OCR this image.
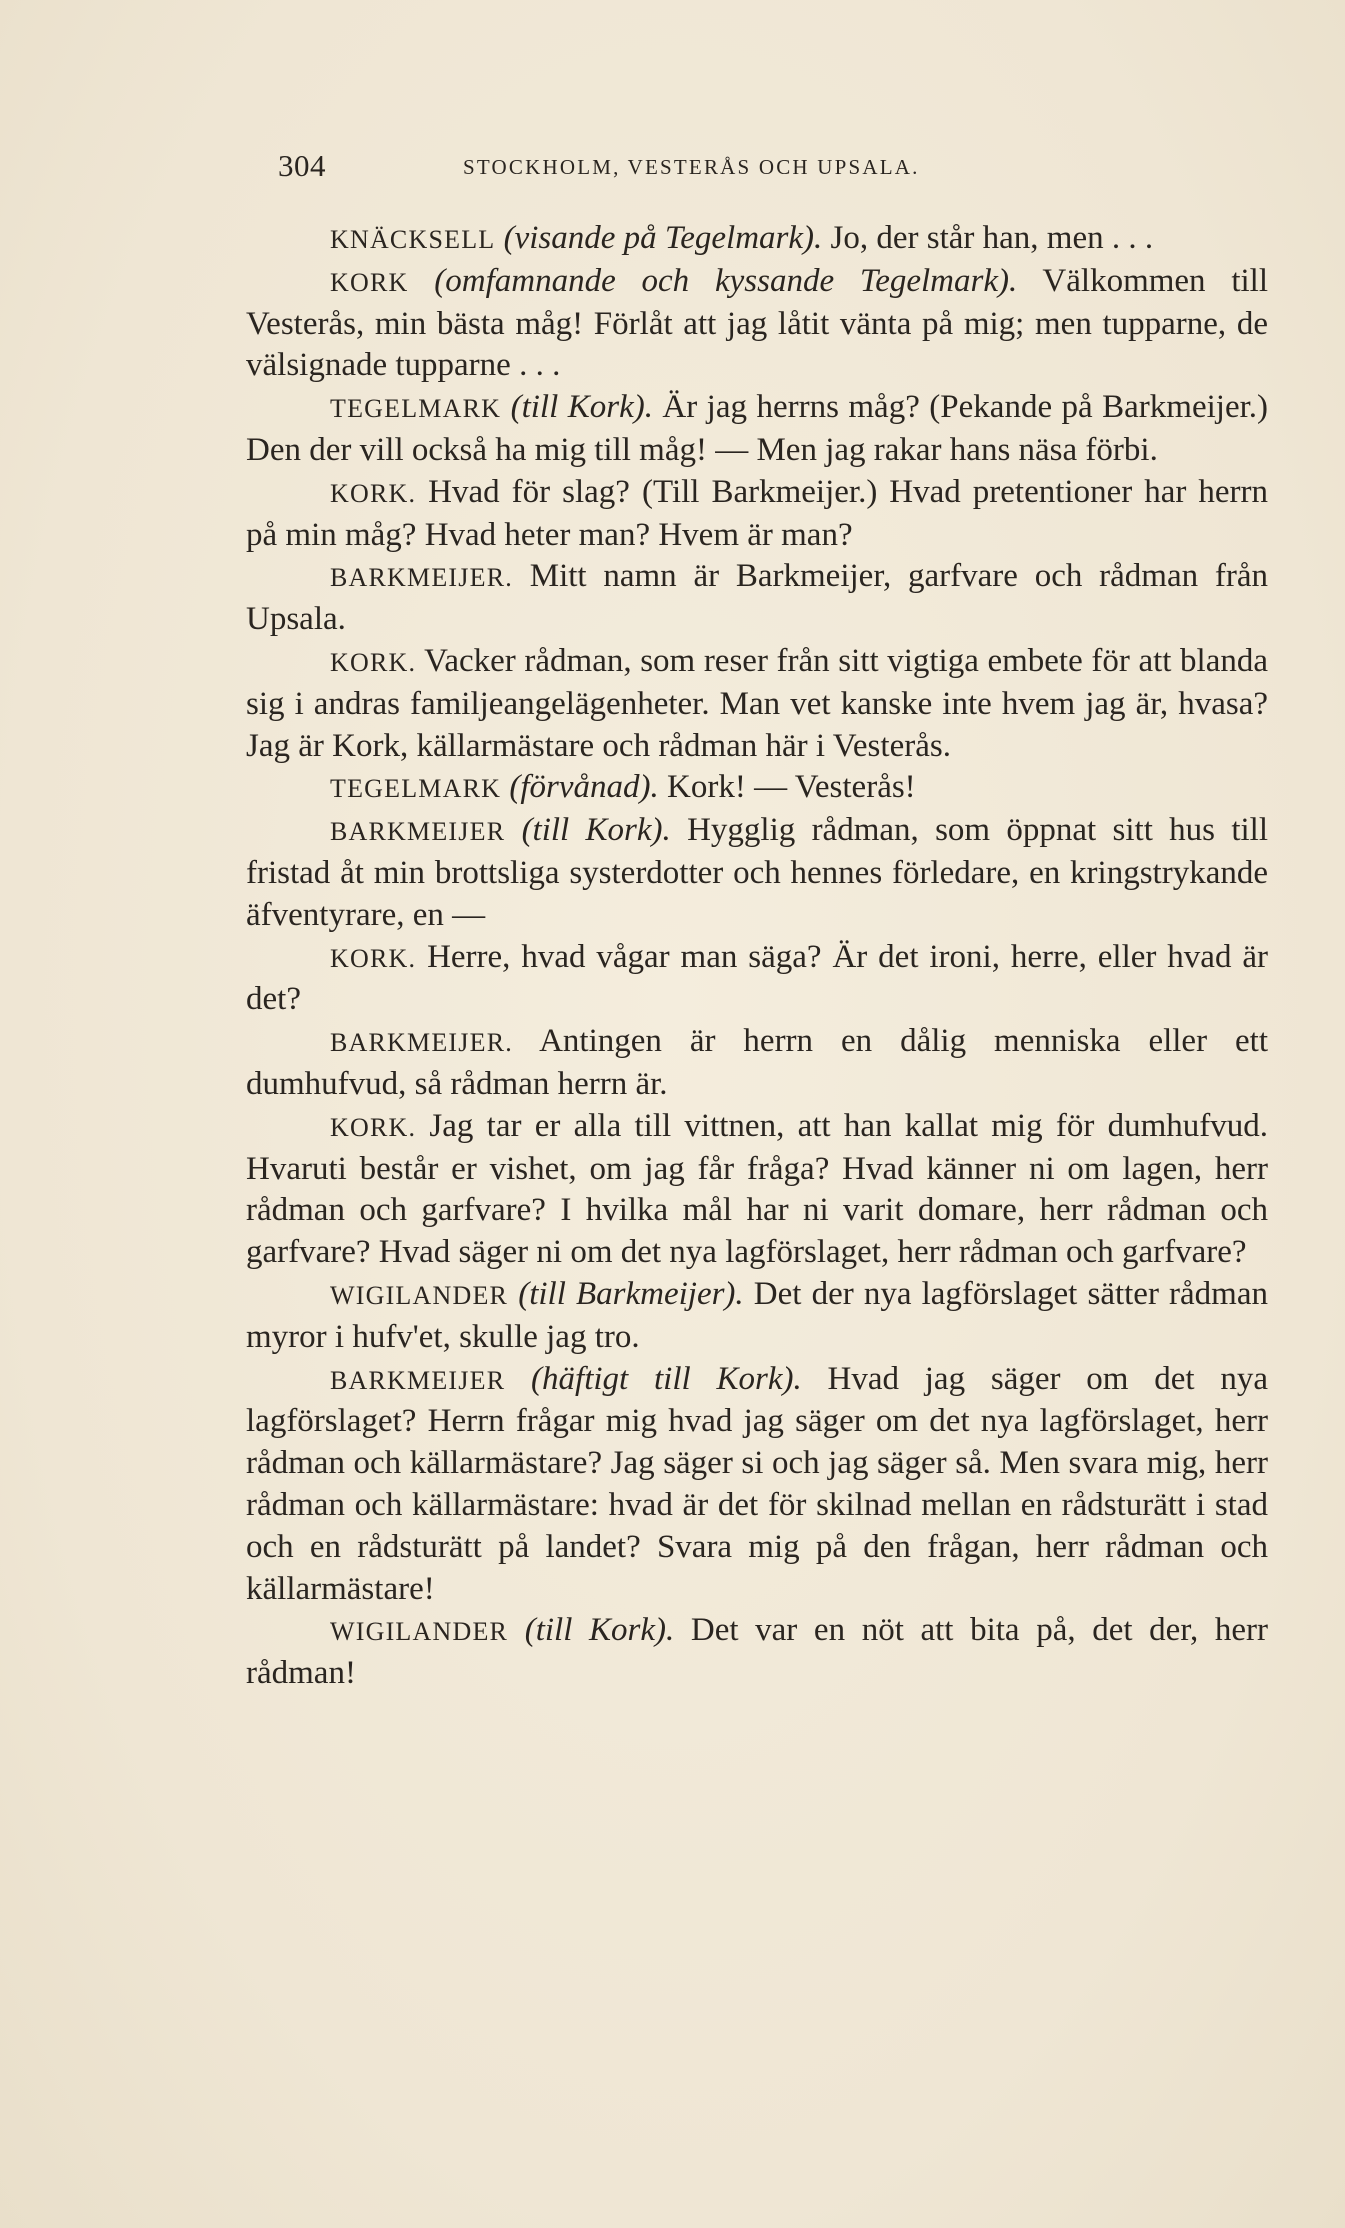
304	STOCKHOLM, VESTERÅS OCH UPSALA.

KNÄCKSELL (visande på Tegelmark). Jo, der står han, men . . .

KORK (omfamnande och kyssande Tegelmark). Välkommen till Vesterås, min bästa måg! Förlåt att jag låtit vänta på mig; men tupparne, de välsignade tupparne . . .

TEGELMARK (till Kork). Är jag herrns måg? (Pekande på Barkmeijer.) Den der vill också ha mig till måg! — Men jag rakar hans näsa förbi.

KORK. Hvad för slag? (Till Barkmeijer.) Hvad pretentioner har herrn på min måg? Hvad heter man? Hvem är man?

BARKMEIJER. Mitt namn är Barkmeijer, garfvare och rådman från Upsala.

KORK. Vacker rådman, som reser från sitt vigtiga embete för att blanda sig i andras familjeangelägenheter. Man vet kanske inte hvem jag är, hvasa? Jag är Kork, källarmästare och rådman här i Vesterås.

TEGELMARK (förvånad). Kork! — Vesterås!

BARKMEIJER (till Kork). Hygglig rådman, som öppnat sitt hus till fristad åt min brottsliga systerdotter och hennes förledare, en kringstrykande äfventyrare, en —

KORK. Herre, hvad vågar man säga? Är det ironi, herre, eller hvad är det?

BARKMEIJER. Antingen är herrn en dålig menniska eller ett dumhufvud, så rådman herrn är.

KORK. Jag tar er alla till vittnen, att han kallat mig för dumhufvud. Hvaruti består er vishet, om jag får fråga? Hvad känner ni om lagen, herr rådman och garfvare? I hvilka mål har ni varit domare, herr rådman och garfvare? Hvad säger ni om det nya lagförslaget, herr rådman och garfvare?

WIGILANDER (till Barkmeijer). Det der nya lagförslaget sätter rådman myror i hufv'et, skulle jag tro.

BARKMEIJER (häftigt till Kork). Hvad jag säger om det nya lagförslaget? Herrn frågar mig hvad jag säger om det nya lagförslaget, herr rådman och källarmästare? Jag säger si och jag säger så. Men svara mig, herr rådman och källarmästare: hvad är det för skilnad mellan en rådsturätt i stad och en rådsturätt på landet? Svara mig på den frågan, herr rådman och källarmästare!

WIGILANDER (till Kork). Det var en nöt att bita på, det der, herr rådman!
